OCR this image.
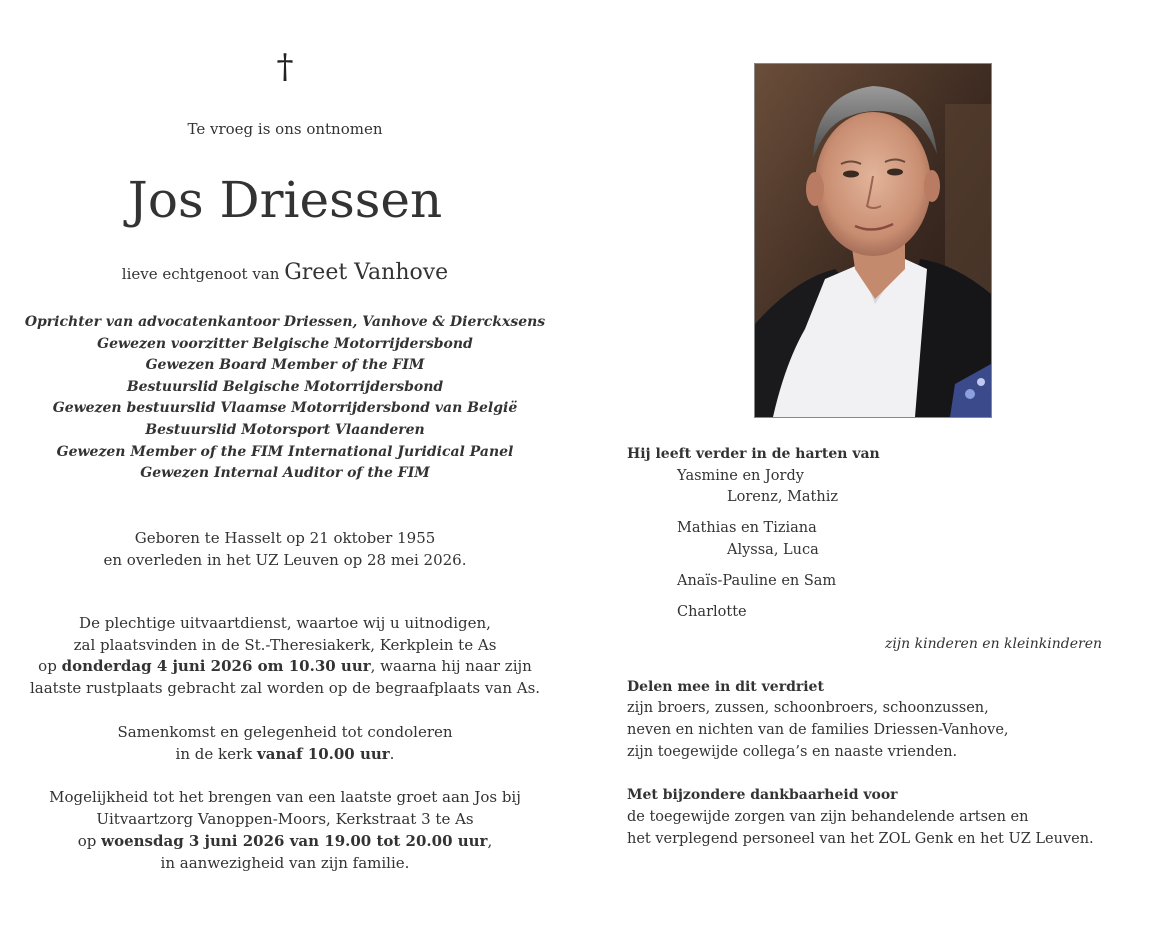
†
Te vroeg is ons ontnomen
Jos Driessen
lieve echtgenoot van Greet Vanhove
Oprichter van advocatenkantoor Driessen, Vanhove & Dierckxsens
Gewezen voorzitter Belgische Motorrijdersbond
Gewezen Board Member of the FIM
Bestuurslid Belgische Motorrijdersbond
Gewezen bestuurslid Vlaamse Motorrijdersbond van België
Bestuurslid Motorsport Vlaanderen
Gewezen Member of the FIM International Juridical Panel
Gewezen Internal Auditor of the FIM
Geboren te Hasselt op 21 oktober 1955
en overleden in het UZ Leuven op 28 mei 2026.
De plechtige uitvaartdienst, waartoe wij u uitnodigen,
zal plaatsvinden in de St.-Theresiakerk, Kerkplein te As
op donderdag 4 juni 2026 om 10.30 uur, waarna hij naar zijn
laatste rustplaats gebracht zal worden op de begraafplaats van As.
Samenkomst en gelegenheid tot condoleren
in de kerk vanaf 10.00 uur.
Mogelijkheid tot het brengen van een laatste groet aan Jos bij
Uitvaartzorg Vanoppen-Moors, Kerkstraat 3 te As
op woensdag 3 juni 2026 van 19.00 tot 20.00 uur,
in aanwezigheid van zijn familie.
Hij leeft verder in de harten van
Yasmine en Jordy
Lorenz, Mathiz
Mathias en Tiziana
Alyssa, Luca
Anaïs-Pauline en Sam
Charlotte
zijn kinderen en kleinkinderen
Delen mee in dit verdriet
zijn broers, zussen, schoonbroers, schoonzussen,
neven en nichten van de families Driessen-Vanhove,
zijn toegewijde collega’s en naaste vrienden.
Met bijzondere dankbaarheid voor
de toegewijde zorgen van zijn behandelende artsen en
het verplegend personeel van het ZOL Genk en het UZ Leuven.
